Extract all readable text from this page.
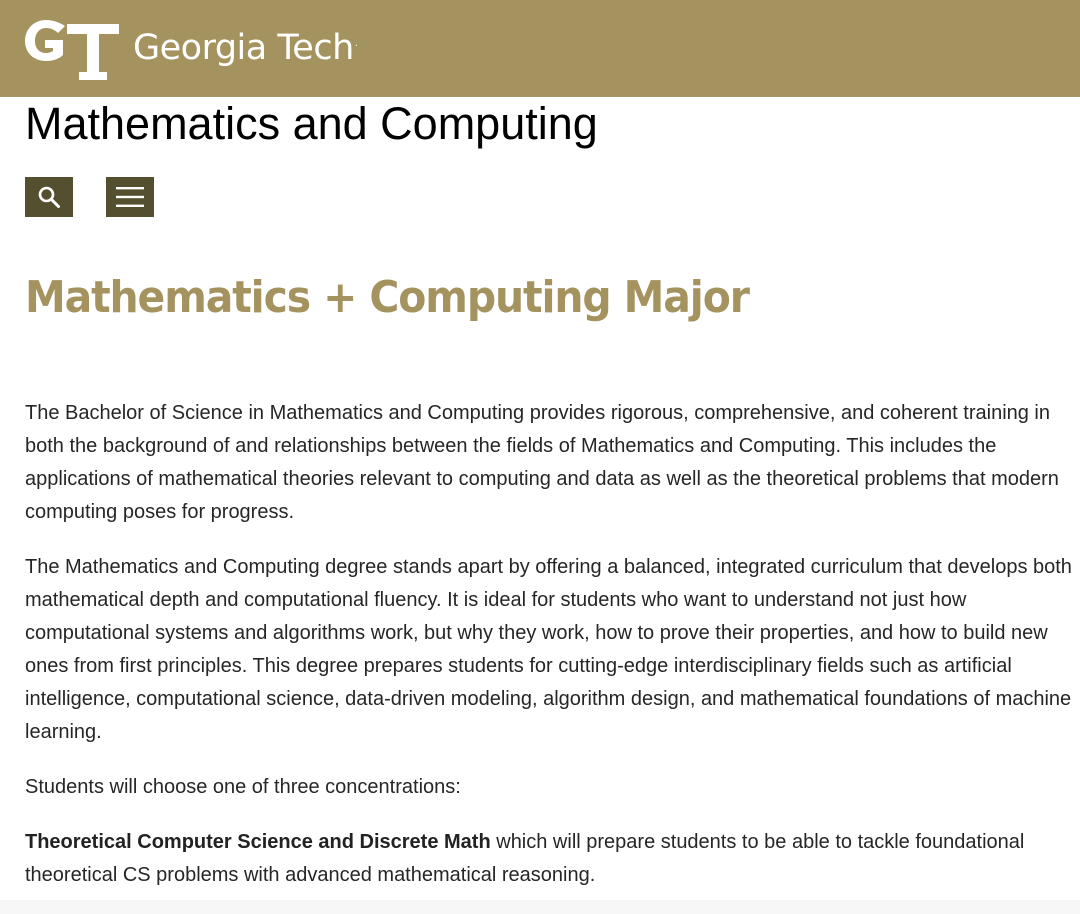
Georgia Tech.
Mathematics and Computing
Mathematics + Computing Major

The Bachelor of Science in Mathematics and Computing provides rigorous, comprehensive, and coherent training in both the background of and relationships between the fields of Mathematics and Computing. This includes the applications of mathematical theories relevant to computing and data as well as the theoretical problems that modern computing poses for progress.

The Mathematics and Computing degree stands apart by offering a balanced, integrated curriculum that develops both mathematical depth and computational fluency. It is ideal for students who want to understand not just how computational systems and algorithms work, but why they work, how to prove their properties, and how to build new ones from first principles. This degree prepares students for cutting-edge interdisciplinary fields such as artificial intelligence, computational science, data-driven modeling, algorithm design, and mathematical foundations of machine learning.

Students will choose one of three concentrations:

Theoretical Computer Science and Discrete Math which will prepare students to be able to tackle foundational theoretical CS problems with advanced mathematical reasoning.
